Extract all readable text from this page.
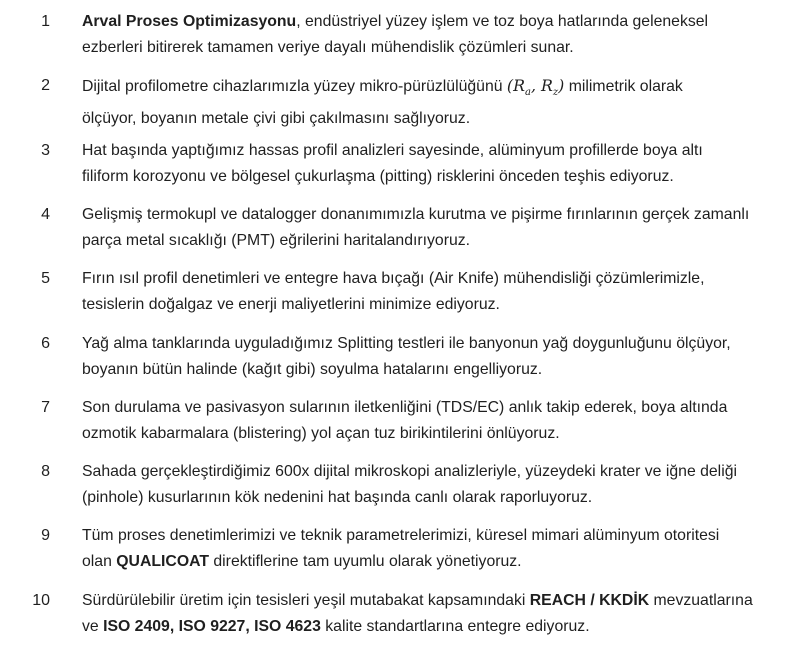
1 Arval Proses Optimizasyonu, endüstriyel yüzey işlem ve toz boya hatlarında geleneksel
ezberleri bitirerek tamamen veriye dayalı mühendislik çözümleri sunar.
2 Dijital profilometre cihazlarımızla yüzey mikro-pürüzlülüğünü ($R_a$, $R_z$) milimetrik olarak
ölçüyor, boyanın metale çivi gibi çakılmasını sağlıyoruz.
3 Hat başında yaptığımız hassas profil analizleri sayesinde, alüminyum profillerde boya altı
filiform korozyonu ve bölgesel çukurlaşma (pitting) risklerini önceden teşhis ediyoruz.
4 Gelişmiş termokupl ve datalogger donanımımızla kurutma ve pişirme fırınlarının gerçek zamanlı
parça metal sıcaklığı (PMT) eğrilerini haritalandırıyoruz.
5 Fırın ısıl profil denetimleri ve entegre hava bıçağı (Air Knife) mühendisliği çözümlerimizle,
tesislerin doğalgaz ve enerji maliyetlerini minimize ediyoruz.
6 Yağ alma tanklarında uyguladığımız Splitting testleri ile banyonun yağ doygunluğunu ölçüyor,
boyanın bütün halinde (kağıt gibi) soyulma hatalarını engelliyoruz.
7 Son durulama ve pasivasyon sularının iletkenliğini (TDS/EC) anlık takip ederek, boya altında
ozmotik kabarmalara (blistering) yol açan tuz birikintilerini önlüyoruz.
8 Sahada gerçekleştirdiğimiz 600x dijital mikroskopi analizleriyle, yüzeydeki krater ve iğne deliği
(pinhole) kusurlarının kök nedenini hat başında canlı olarak raporluyoruz.
9 Tüm proses denetimlerimizi ve teknik parametrelerimizi, küresel mimari alüminyum otoritesi
olan QUALICOAT direktiflerine tam uyumlu olarak yönetiyoruz.
10 Sürdürülebilir üretim için tesisleri yeşil mutabakat kapsamındaki REACH / KKDİK mevzuatlarına
ve ISO 2409, ISO 9227, ISO 4623 kalite standartlarına entegre ediyoruz.
